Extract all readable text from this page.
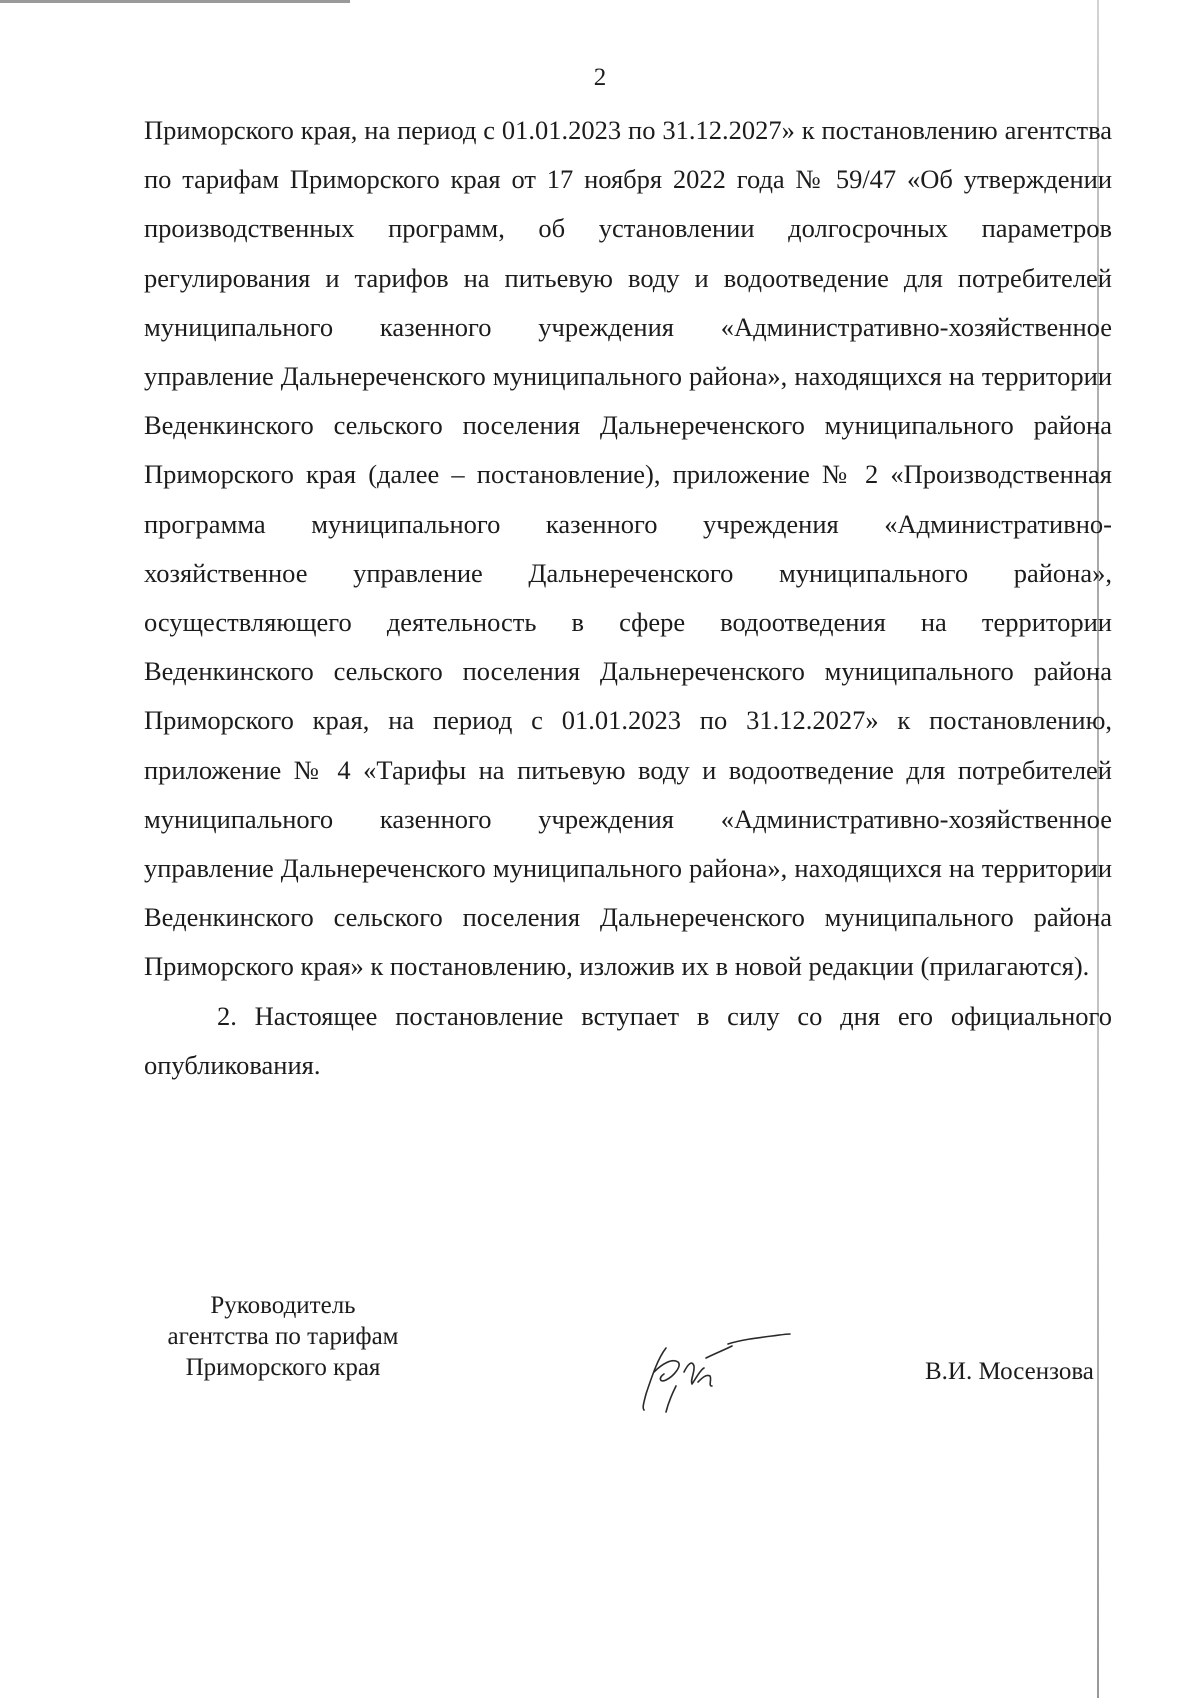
2

Приморского края, на период с 01.01.2023 по 31.12.2027» к постановлению агентства по тарифам Приморского края от 17 ноября 2022 года № 59/47 «Об утверждении производственных программ, об установлении долгосрочных параметров регулирования и тарифов на питьевую воду и водоотведение для потребителей муниципального казенного учреждения «Административно-хозяйственное управление Дальнереченского муниципального района», находящихся на территории Веденкинского сельского поселения Дальнереченского муниципального района Приморского края (далее – постановление), приложение № 2 «Производственная программа муниципального казенного учреждения «Административно-хозяйственное управление Дальнереченского муниципального района», осуществляющего деятельность в сфере водоотведения на территории Веденкинского сельского поселения Дальнереченского муниципального района Приморского края, на период с 01.01.2023 по 31.12.2027» к постановлению, приложение № 4 «Тарифы на питьевую воду и водоотведение для потребителей муниципального казенного учреждения «Административно-хозяйственное управление Дальнереченского муниципального района», находящихся на территории Веденкинского сельского поселения Дальнереченского муниципального района Приморского края» к постановлению, изложив их в новой редакции (прилагаются).

2. Настоящее постановление вступает в силу со дня его официального опубликования.

Руководитель
агентства по тарифам
Приморского края	В.И. Мосензова
